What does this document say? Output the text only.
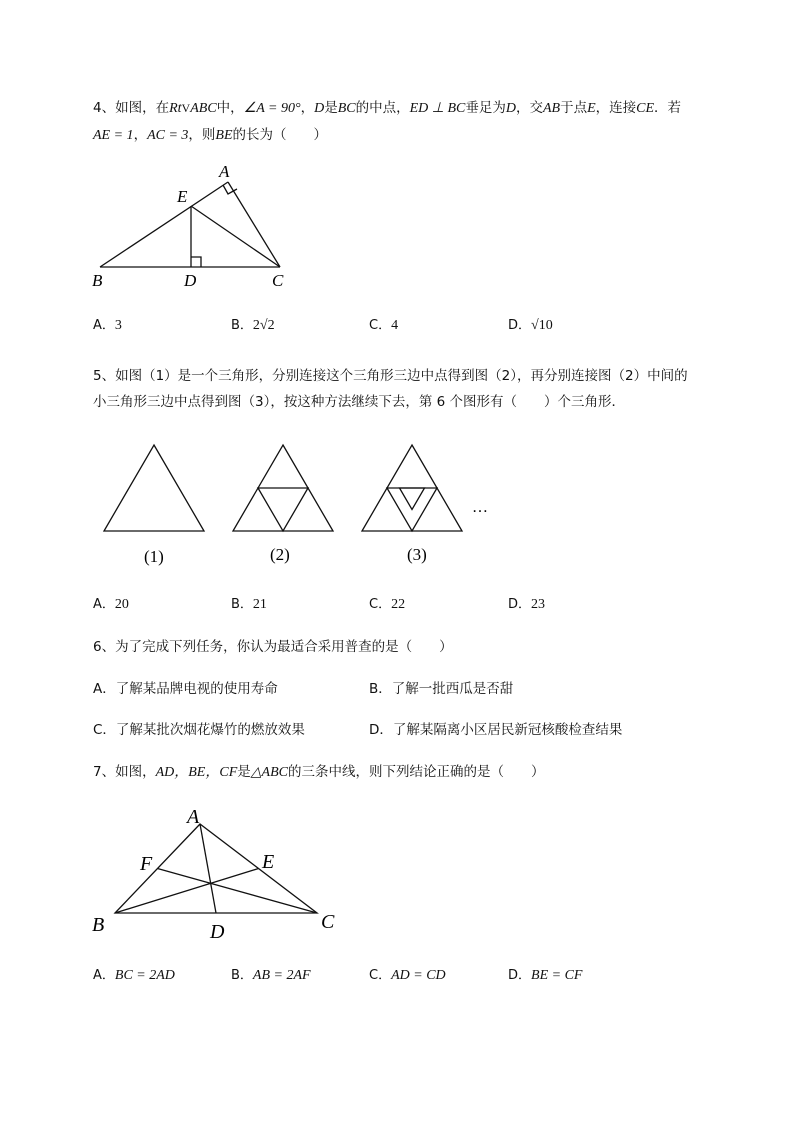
4、如图，在RtVABC中，∠A = 90°，D是BC的中点，ED ⊥ BC垂足为D，交AB于点E，连接CE．若
AE = 1，AC = 3，则BE的长为（　　）
A
E
B	D	C
A．3	B．2√2	C．4	D．√10
5、如图（1）是一个三角形，分别连接这个三角形三边中点得到图（2），再分别连接图（2）中间的
小三角形三边中点得到图（3），按这种方法继续下去，第 6 个图形有（　　）个三角形．
(1)	(2)	(3)
…
A．20	B．21	C．22	D．23
6、为了完成下列任务，你认为最适合采用普查的是（　　）
A．了解某品牌电视的使用寿命	B．了解一批西瓜是否甜
C．了解某批次烟花爆竹的燃放效果	D．了解某隔离小区居民新冠核酸检查结果
7、如图，AD，BE，CF是△ABC的三条中线，则下列结论正确的是（　　）
A
F	E
B	D	C
A．BC = 2AD	B．AB = 2AF	C．AD = CD	D．BE = CF
